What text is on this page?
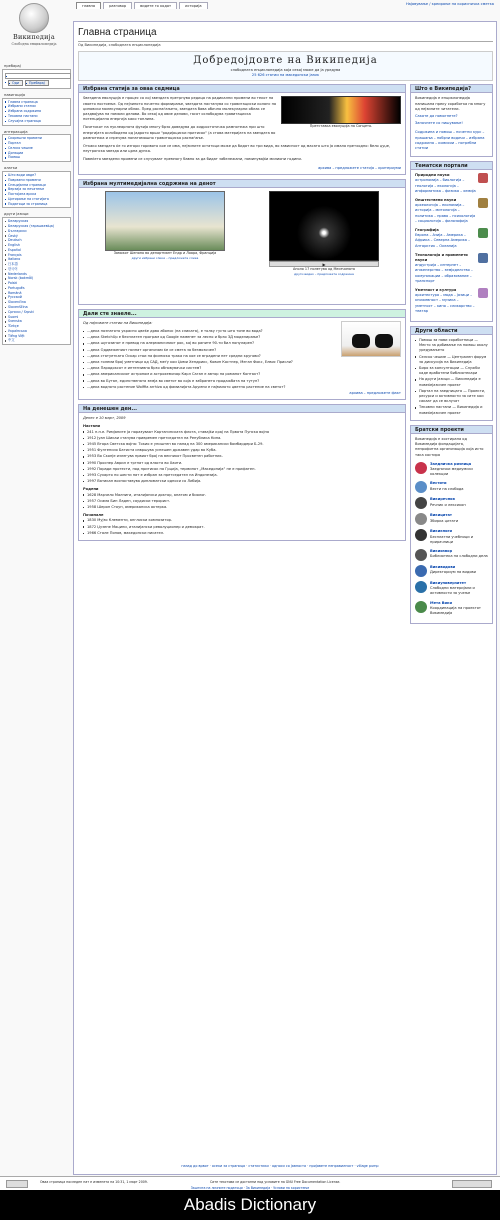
главна	разговор	видете го кодот	историја	Најавување / креирање на корисничка сметка
Википедија
Слободна енциклопедија
пребарај
Оди	Пребарај
навигација
Главна страница
Избрани статии
Избрана содржина
Тековни настани
Случајна страница
интеракција
Скорешни промени
Портал
Селско чешмe
Донации
Помош
алатки
Што води овде?
Поврзани промени
Специјални страници
Верзија за печатење
Постојана врска
Цитирање на статијата
Податоци за страница
други јазици
Беларуская
Беларуская (тарашкевіца)
Български
Český
Deutsch
English
Español
Français
Italiano
日本語
한국어
Nederlands
Norsk (bokmål)
Polski
Português
Română
Русский
Slovenčina
Slovenščina
Српски / Srpski
Suomi
Svenska
Türkçe
Українська
Tiếng Việt
中文
Главна страница
Од Википедија, слободната енциклопедија
Добредојдовте на Википедија
слободната енциклопедија која секој може да ја уредува
25 626 статии на македонски јазик
Избрана статија за оваа седмица
Претставка еволуција на Сонцето.
Ѕвездена еволуција е процес со кој ѕвездата претрпува редица на радикални промени во текот на своето постоење. Од нејзиното почетно формирање, ѕвездата настанува со гравитациски колапс на џиновски молекуларни облак. Пред распаѓањето, ѕвездата бава обично молекуларни облак се раздвојува на помали делови. Во секој од овие делови, гасот ослободува гравитациска потенцијална енергија како топлина.
Почетокот на нуклеарната фузија многу брзо доведува до хидростатичка рамнотежа при што енергијата ослободена од јадрото врши "радијациски притисок" (а стова материјата на ѕвездата во рамнотежа и спречува понатамошно гравитациско распаѓање.
Откако ѕвездата ќе го изгори горивото кое се има, нејзините остатоци може да бидат во три вида, во зависност од масата што ја имала претходно: бело џуџе, неутронска ѕвезда или црна дупка.
Повеќето ѕвездени промени се случуваат премногу бавно за да бидат забележани, поминувајќи милиони години.
архива – предложете статија – критериуми
Избрана мултимедијална содржина на денот
Замокот Шеноно во департмант Ендр и Лоара, Франција
други избрани слики – предложете слика
▶
Аполо 17 полетува од Месечината
други видео – предложете содржина
Дали сте знаеле...

Од најновите статии на Википедија:
...дека познатото украсно цвеќе дрво абонос (на сликата), е толку густо што тоне во вода?
...дека SketchUp е бесплатен програм од Google наменет за лесно и брзо 3Д моделирање?
...дека шугозинот е превод на алерманичниот рок, кој во раните 90-ти бил популарен?
...дека Оддвежениот познат организам ќе се смета за безмозочен?
...дека статуетката Оскар стои на филмска трака на кое се вградени пет средни кругови?
...дека големи број уметници од САД, меѓу кои Џими Хендрикс, Ковин Костнер, Меган Фокс, Елвис Присли?
...дека Парадоксот е интензивно брзо обновувачки систем?
...дека американскиот астроном и астрохемичар Карл Саган е автор на романот Контакт?
...дека во Бутан, единствената земја во светот во која е забранета продажбата на тутун?
...дека водното растение Wolffia arrhiza од фамилијата Арумни е најмалото цветно растение на светот?
архива – предложете факт
На денешен ден...
Денес е 10 март, 2009
Настани
241 п.н.е. Римјаните ја поразуваат Картагинската флота, ставајќи крај на Првата Пунска војна
1912 Јуан Шикаи станува привремен претседател на Република Кина.
1945 Втора Светска војна: Токио е уништен во напад на 300 американски бомбардери Б-29.
1951 Фулгенсио Батиста извршува успешен државен удар во Куба.
1953 Во Скопје излегува првиот број на весникот Просветен работник.
1990 Проспер Аврил е тргнат од власта во Хаити.
1992 Поради протести, под притисок на Грција, терминот „Македонија“ не е прифатен.
1993 Сухарто по шести пат е избран за претседател на Индонезија.
1997 Ватикан воспоставува дипломатски односи со Либија.
Родени
1628 Марчело Малпиги, италијански доктор, анатом и биолог.
1957 Осама Бин Ладен, саудиски терорист.
1958 Шерон Стоун, американска актерка.
Починале
1830 Мујзо Клементи, англиски композитор.
1872 Џузепе Мацини, италијански револуционер и демократ.
1966 Стале Попов, македонски писател.
Што е Википедија?
Википедија е енциклопедија напишана преку соработка на многу од нејзините читатели.
Сакате да помогнете?
Започнете со пишување!
Содржина и помош – почетни курс – прашања – побрзи водичи – избрана содржина – комисии – потребни статии
Тематски портали
Природни науки
астрономија – биологија – геологија – екологија – информатика – физика – хемија
Општествени науки
археологија – економија – историја – митологија – политика – право – психологија – социологија – филозофија
Географија
Европа – Азија – Америка – Африка – Северна Америка – Антарктик – Океанија
Технологија и применети науки
индустрија – интернет – инженерство – земјоделство – комуникации – образование – транспорт
Уметност и култура
архитектура – мода – јазици – книжевност – музика – уметност – кино – сликарство – театар
Други области
Помош за нови соработници — Место за добивање на помош околу уредувањето
Селско чешмe — Централен форум за дискусија на Википедија
Биро за консултации — Служби каде вработени библиотекари
На други јазици — Википедија е повеќејазичен проект
Портал на заедницата — Проекти, ресурси и активности за сите кои сакаат да се вклучат
Тековни настани — Википедија и повеќејазичен проект
Братски проекти
Википедија е хостирана од Викимедија фондацијата, непрофитна организација која исто така хостира
Заедничка ризница
Заеднички медиумски колекции
Вестити
Вести на слобода
Викиречник
Речник и лексикон
Викицитат
Збирка цитати
Викикниги
Бесплатни учебници и прирачници
Викиизвор
Библиотека на слободни дела
Викивидови
Директориум на видови
Викиуниверзитет
Слободни материјали и активности за учење
Мета Вики
Координација на проектот Викимедија
назад до врвот · осеки за страница · статистики · односи со јавноста · пријавете неправилност · village pump
Оваа страница последен пат е изменета на 10:31, 1 март 2009.	Сите текстови се достапни под условите на GNU Free Documentation License.
Заштита на личните податоци · За Википедија · Услови на користење
Abadis Dictionary
